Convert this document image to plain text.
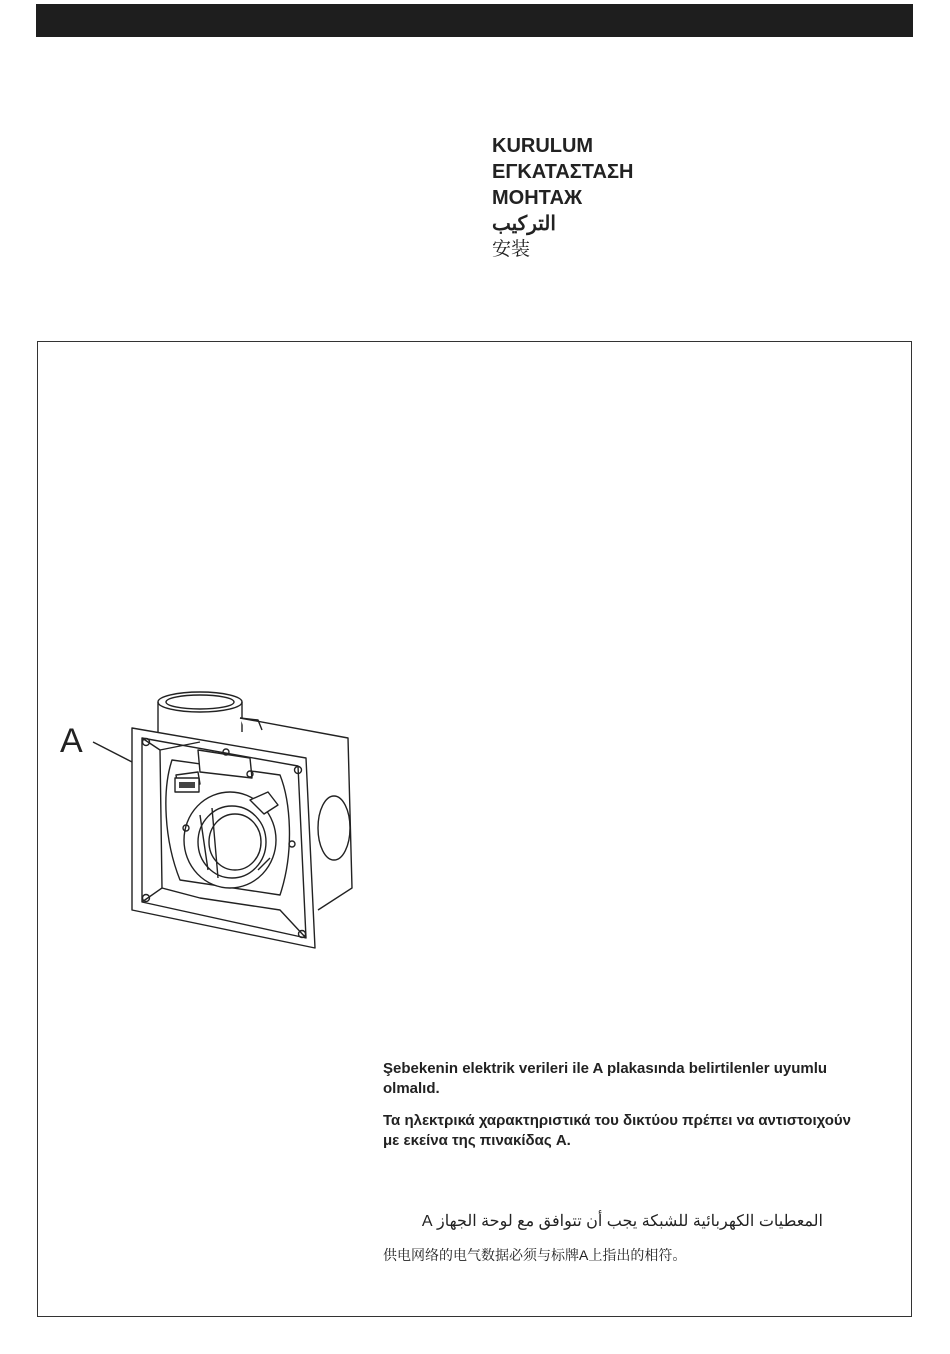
KURULUM
ΕΓΚΑΤΑΣΤΑΣΗ
МОНТАЖ
التركيب
安装
A
Şebekenin elektrik verileri ile A plakasında belirtilenler uyumlu olmalıd.
Τα ηλεκτρικά χαρακτηριστικά του δικτύου πρέπει να αντιστοιχούν με εκείνα της πινακίδας A.
المعطيات الكهربائية للشبكة يجب أن تتوافق مع لوحة الجهاز A
供电网络的电气数据必须与标牌A上指出的相符。
